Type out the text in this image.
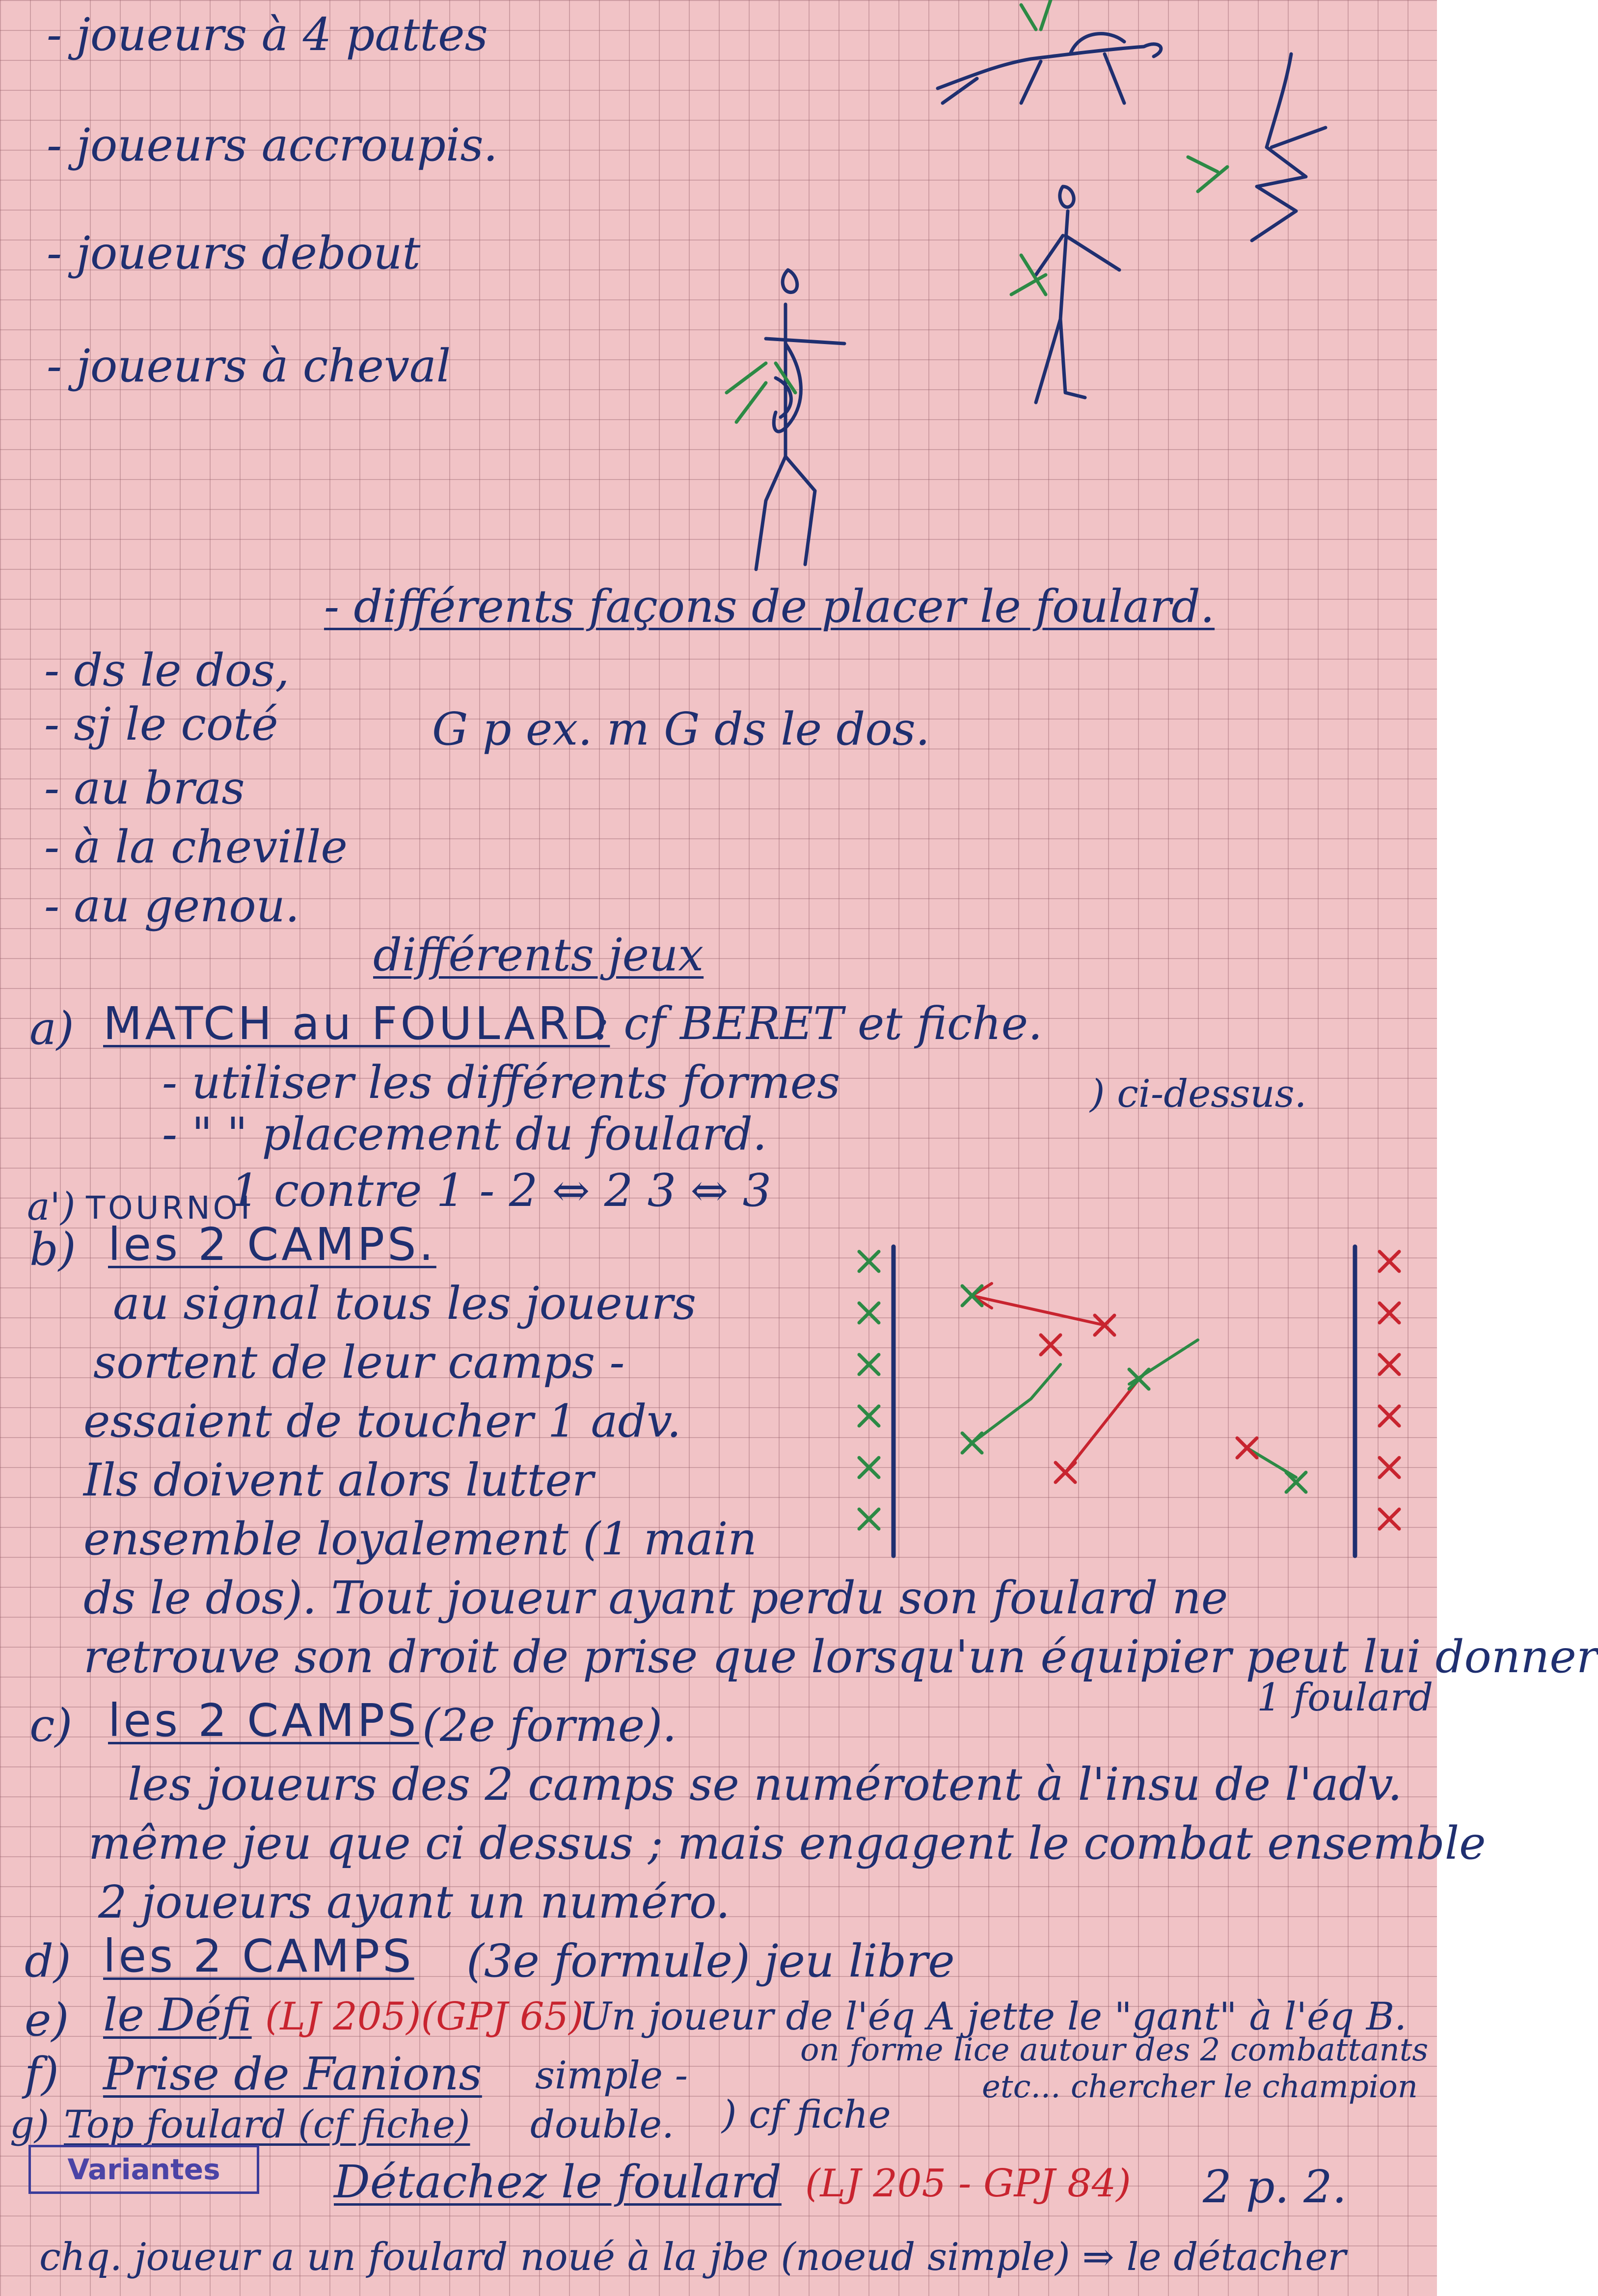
- joueurs à 4 pattes
- joueurs accroupis.
- joueurs debout
- joueurs à cheval
- différents façons de placer le foulard.
- ds le dos,
- sj le coté	G p ex. m G ds le dos.
- au bras
- à la cheville
- au genou.
différents jeux
a) MATCH au FOULARD
: cf BERET et fiche.
- utiliser les différents formes
- " " placement du foulard.
) ci-dessus.
a') TOURNOI
1 contre 1 - 2 ⇔ 2 3 ⇔ 3
b) les 2 CAMPS.
au signal tous les joueurs
sortent de leur camps -
essaient de toucher 1 adv.
Ils doivent alors lutter
ensemble loyalement (1 main
ds le dos). Tout joueur ayant perdu son foulard ne
retrouve son droit de prise que lorsqu'un équipier peut lui donner
1 foulard
c) les 2 CAMPS (2e forme).
les joueurs des 2 camps se numérotent à l'insu de l'adv.
même jeu que ci dessus ; mais engagent le combat ensemble
2 joueurs ayant un numéro.
d) les 2 CAMPS (3e formule) jeu libre
e) le Défi (LJ 205)(GPJ 65)
Un joueur de l'éq A jette le "gant" à l'éq B.
on forme lice autour des 2 combattants
f) Prise de Fanions simple -
double. ) cf fiche
etc... chercher le champion
g) Top foulard (cf fiche)
Variantes	Détachez le foulard (LJ 205 - GPJ 84) 2 p. 2.
chq. joueur a un foulard noué à la jbe (noeud simple) ⇒ le détacher
